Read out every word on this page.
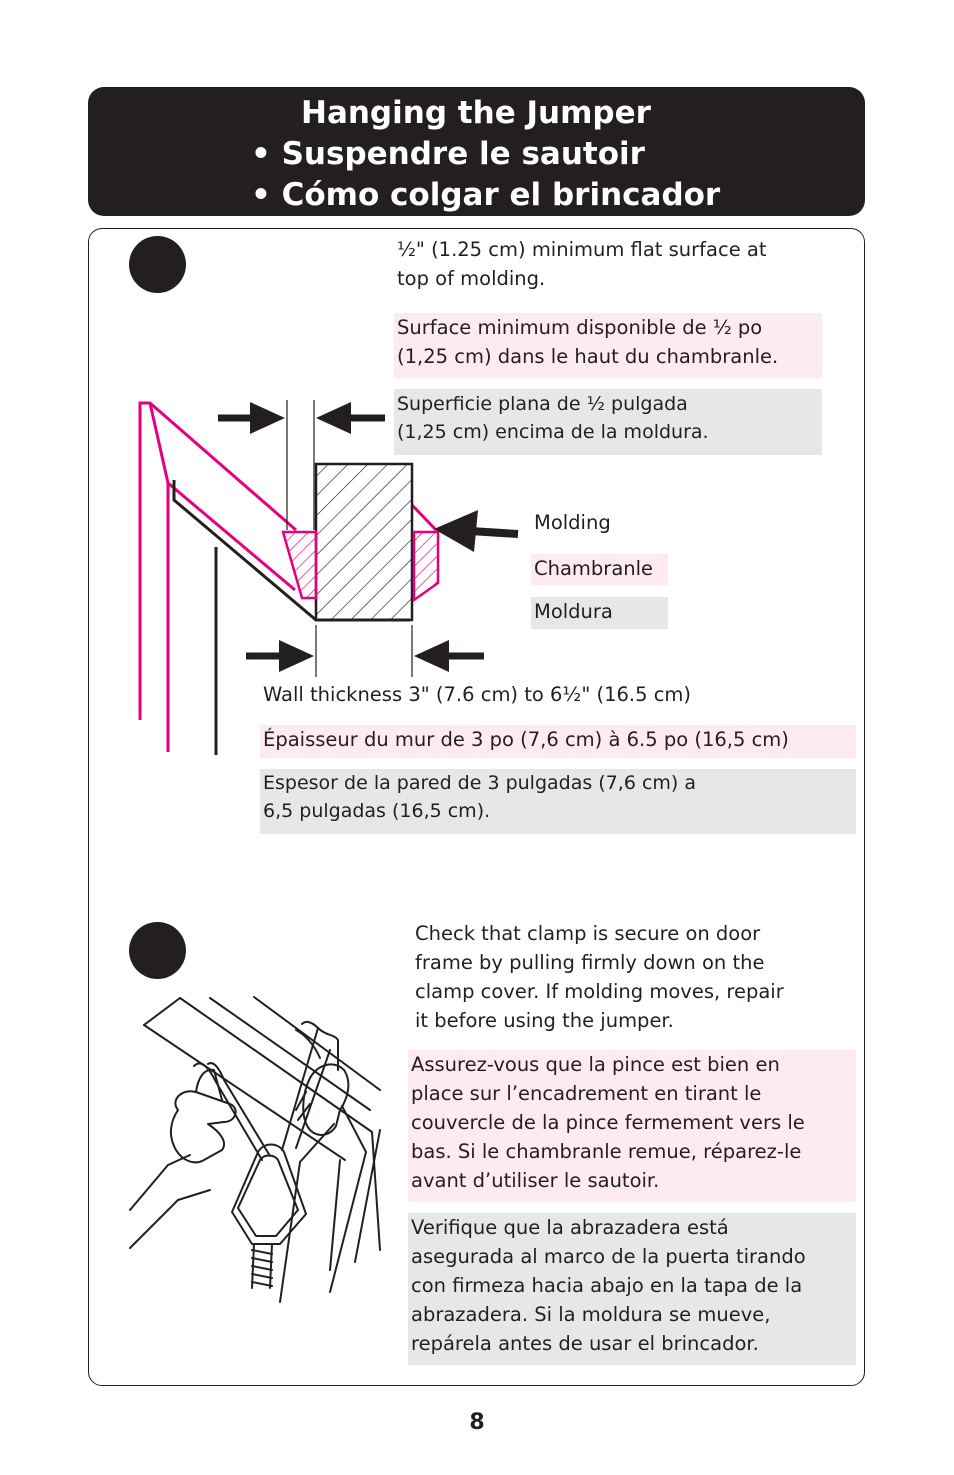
Hanging the Jumper
• Suspendre le sautoir
• Cómo colgar el brincador
½" (1.25 cm) minimum flat surface at
top of molding.
Surface minimum disponible de ½ po
(1,25 cm) dans le haut du chambranle.
Superficie plana de ½ pulgada
(1,25 cm) encima de la moldura.
Molding
Chambranle
Moldura
Wall thickness 3" (7.6 cm) to 6½" (16.5 cm)
Épaisseur du mur de 3 po (7,6 cm) à 6.5 po (16,5 cm)
Espesor de la pared de 3 pulgadas (7,6 cm) a
6,5 pulgadas (16,5 cm).
Check that clamp is secure on door
frame by pulling firmly down on the
clamp cover. If molding moves, repair
it before using the jumper.
Assurez-vous que la pince est bien en
place sur l’encadrement en tirant le
couvercle de la pince fermement vers le
bas. Si le chambranle remue, réparez-le
avant d’utiliser le sautoir.
Verifique que la abrazadera está
asegurada al marco de la puerta tirando
con firmeza hacia abajo en la tapa de la
abrazadera. Si la moldura se mueve,
repárela antes de usar el brincador.
8
